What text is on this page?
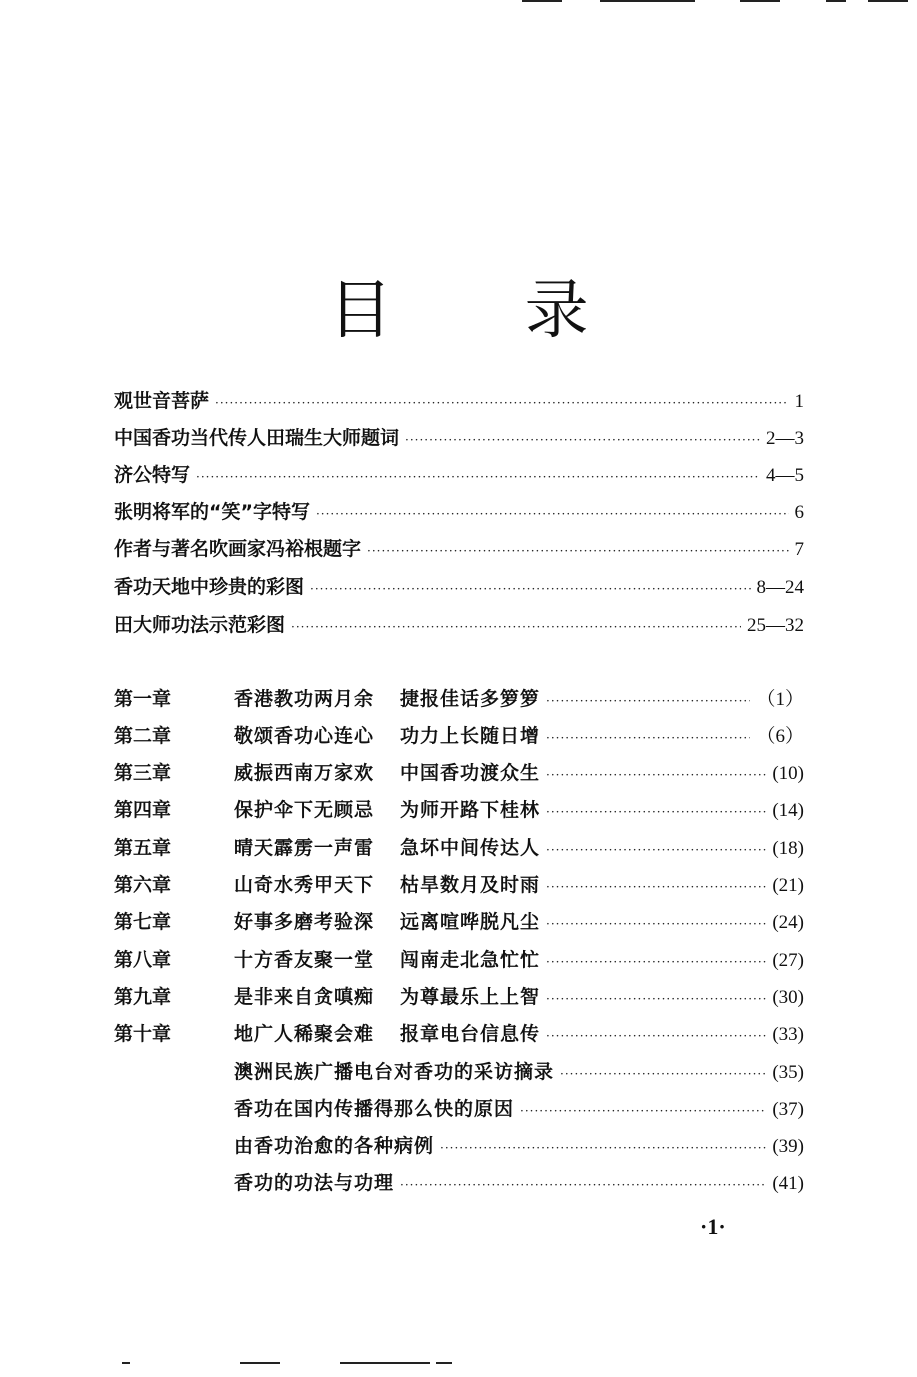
目 录
观世音菩萨 ·····	1
中国香功当代传人田瑞生大师题词 ·····	2—3
济公特写 ·····	4—5
张明将军的“笑”字特写 ·····	6
作者与著名吹画家冯裕根题字 ·····	7
香功天地中珍贵的彩图 ·····	8—24
田大师功法示范彩图 ·····	25—32
第一章	香港教功两月余 捷报佳话多箩箩 ·····	（1）
第二章	敬颂香功心连心 功力上长随日增 ·····	（6）
第三章	威振西南万家欢 中国香功渡众生 ·····	(10)
第四章	保护伞下无顾忌 为师开路下桂林 ·····	(14)
第五章	晴天霹雳一声雷 急坏中间传达人 ·····	(18)
第六章	山奇水秀甲天下 枯旱数月及时雨 ·····	(21)
第七章	好事多磨考验深 远离喧哗脱凡尘 ·····	(24)
第八章	十方香友聚一堂 闯南走北急忙忙 ·····	(27)
第九章	是非来自贪嗔痴 为尊最乐上上智 ·····	(30)
第十章	地广人稀聚会难 报章电台信息传 ·····	(33)
澳洲民族广播电台对香功的采访摘录 ·····	(35)
香功在国内传播得那么快的原因 ·····	(37)
由香功治愈的各种病例 ·····	(39)
香功的功法与功理 ·····	(41)
·1·
